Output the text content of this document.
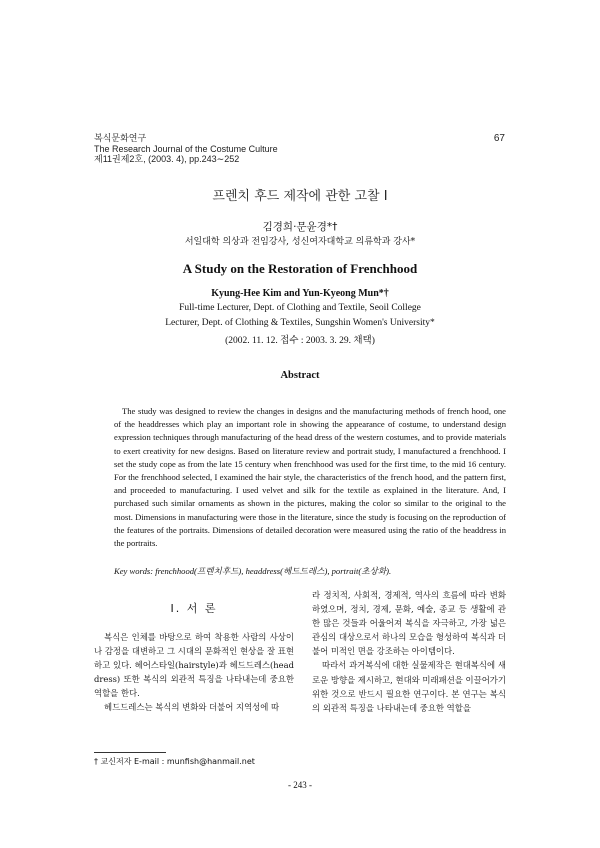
복식문화연구
The Research Journal of the Costume Culture
제11권제2호, (2003. 4), pp.243∼252
67
프렌치 후드 제작에 관한 고찰 I
김경희·문윤경*†
서일대학 의상과 전임강사, 성신여자대학교 의류학과 강사*
A Study on the Restoration of Frenchhood
Kyung-Hee Kim and Yun-Kyeong Mun*†
Full-time Lecturer, Dept. of Clothing and Textile, Seoil College
Lecturer, Dept. of Clothing & Textiles, Sungshin Women's University*
(2002. 11. 12. 접수 : 2003. 3. 29. 채택)
Abstract
The study was designed to review the changes in designs and the manufacturing methods of french hood, one of the headdresses which play an important role in showing the appearance of costume, to understand design expression techniques through manufacturing of the head dress of the western costumes, and to provide materials to exert creativity for new designs. Based on literature review and portrait study, I manufactured a frenchhood. I set the study cope as from the late 15 century when frenchhood was used for the first time, to the mid 16 century. For the frenchhood selected, I examined the hair style, the characteristics of the french hood, and the pattern first, and proceeded to manufacturing. I used velvet and silk for the textile as explained in the literature. And, I purchased such similar ornaments as shown in the pictures, making the color so similar to the original to the most. Dimensions in manufacturing were those in the literature, since the study is focusing on the reproduction of the features of the portraits. Dimensions of detailed decoration were measured using the ratio of the headdress in the portraits.
Key words: frenchhood(프렌치후드), headdress(헤드드레스), portrait(초상화).
Ⅰ. 서 론

복식은 인체를 바탕으로 하여 착용한 사람의 사상이나 감정을 대변하고 그 시대의 문화적인 현상을 잘 표현하고 있다. 헤어스타일(hairstyle)과 헤드드레스(head dress) 또한 복식의 외관적 특징을 나타내는데 중요한 역할을 한다.

헤드드레스는 복식의 변화와 더불어 지역성에 따

라 정치적, 사회적, 경제적, 역사의 흐름에 따라 변화하였으며, 정치, 경제, 문화, 예술, 종교 등 생활에 관한 많은 것들과 어울어져 복식을 자극하고, 가장 넓은 관심의 대상으로서 하나의 모습을 형성하여 복식과 더불어 미적인 면을 강조하는 아이템이다.

따라서 과거복식에 대한 실물제작은 현대복식에 새로운 방향을 제시하고, 현대와 미래패션을 이끌어가기 위한 것으로 반드시 필요한 연구이다. 본 연구는 복식의 외관적 특징을 나타내는데 중요한 역할을

† 교신저자 E-mail : munfish@hanmail.net
- 243 -
